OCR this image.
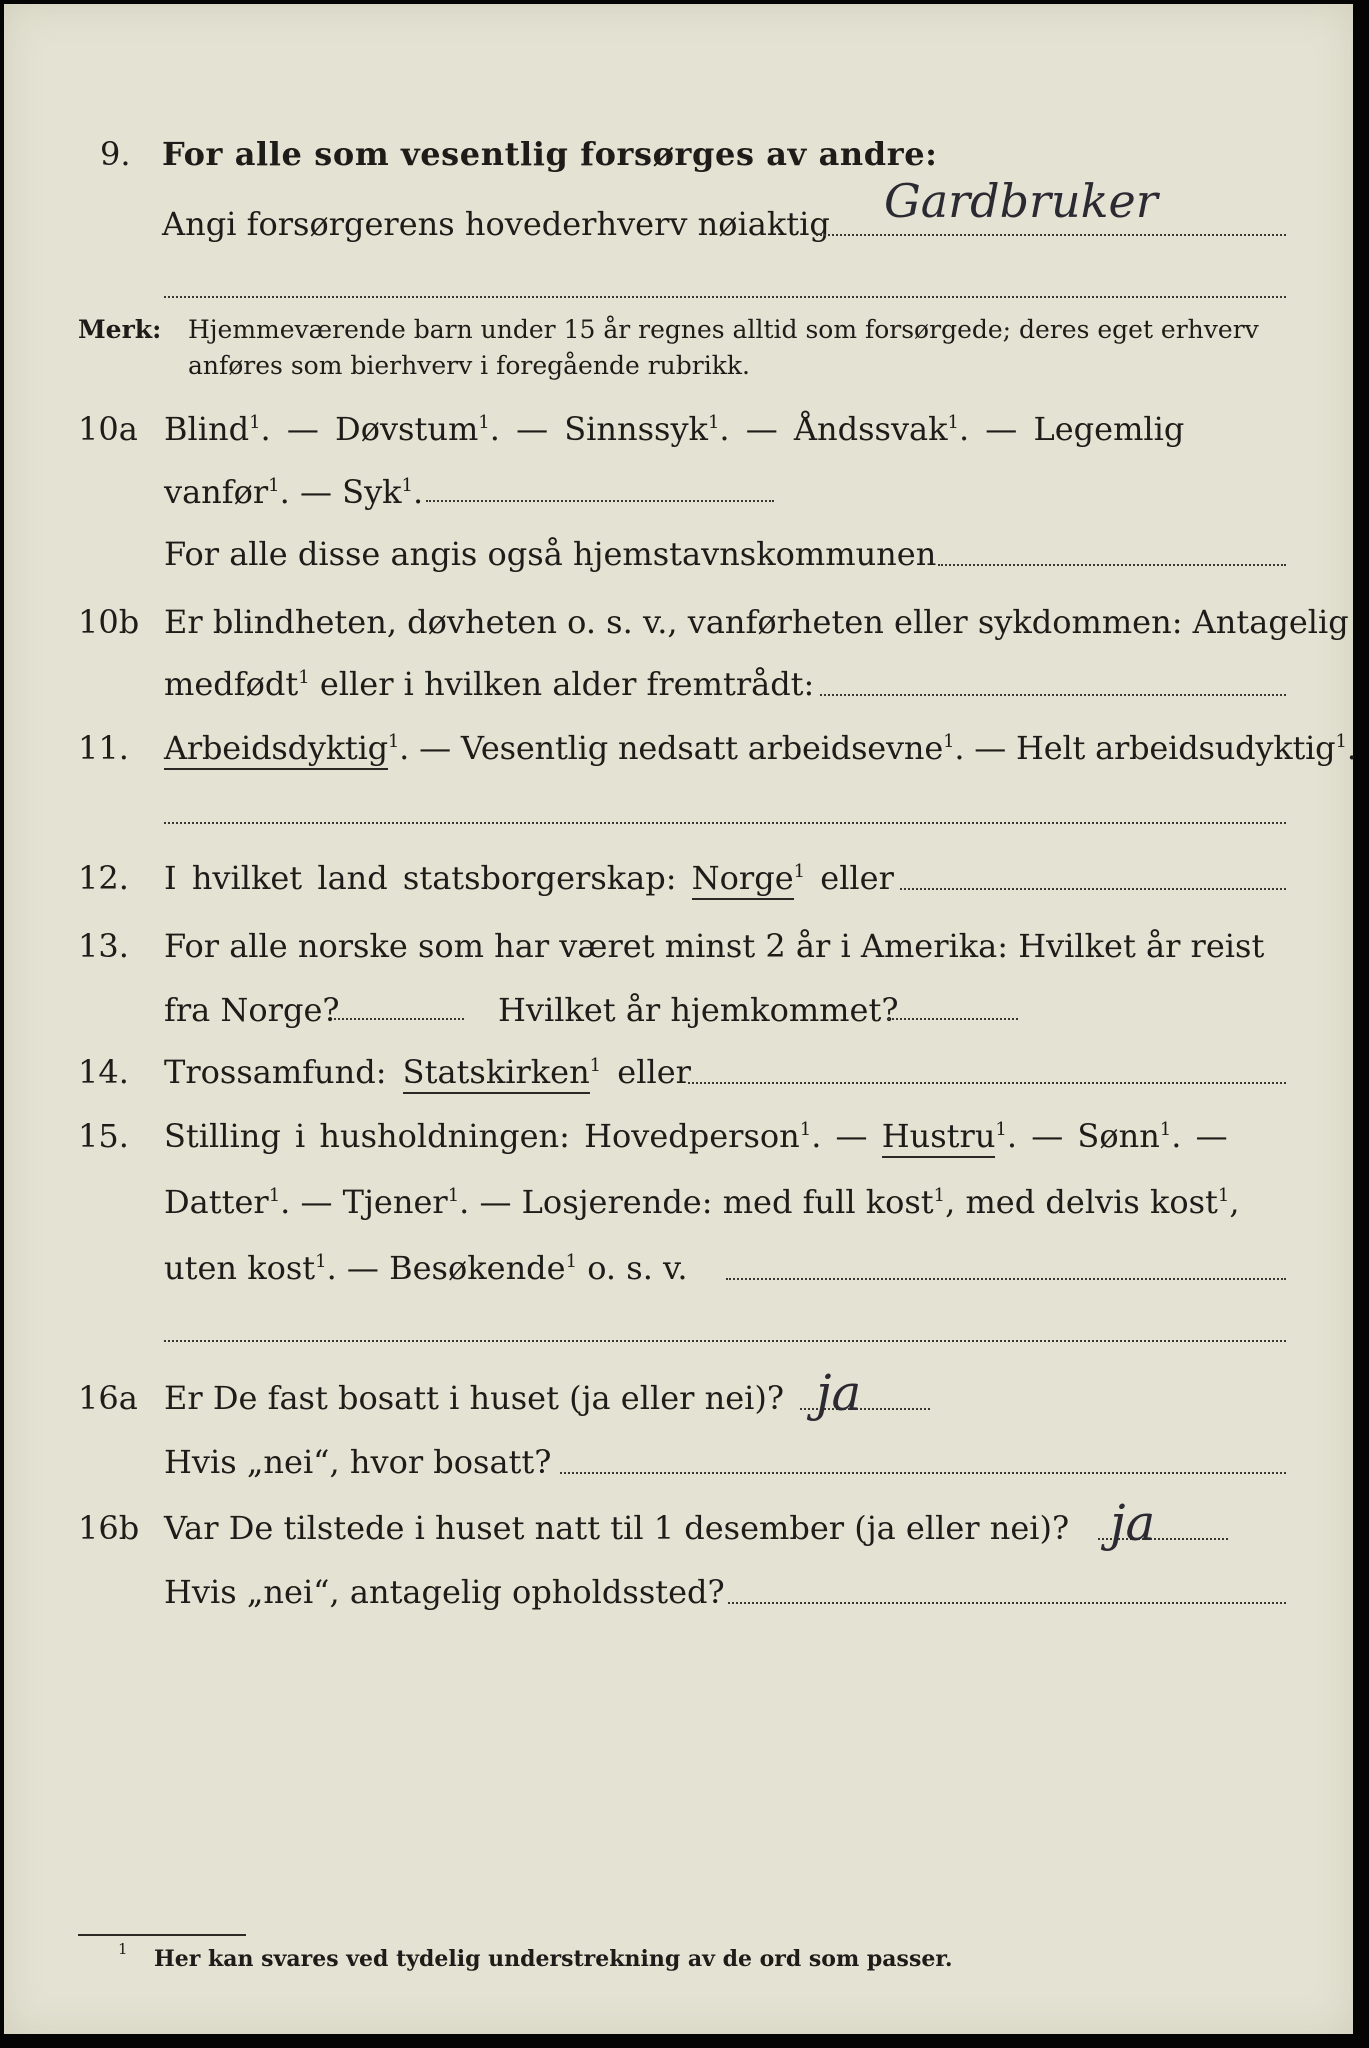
9. For alle som vesentlig forsørges av andre:
Angi forsørgerens hovederhverv nøiaktig Gardbruker
Merk: Hjemmeværende barn under 15 år regnes alltid som forsørgede; deres eget erhverv
anføres som bierhverv i foregående rubrikk.
10a Blind$^1$. — Døvstum$^1$. — Sinnssyk$^1$. — Åndssvak$^1$. — Legemlig
vanfør$^1$. — Syk$^1$.
For alle disse angis også hjemstavnskommunen
10b Er blindheten, døvheten o. s. v., vanførheten eller sykdommen: Antagelig
medfødt$^1$ eller i hvilken alder fremtrådt:
11. Arbeidsdyktig$^1$. — Vesentlig nedsatt arbeidsevne$^1$. — Helt arbeidsudyktig$^1$.
12. I hvilket land statsborgerskap: Norge$^1$ eller
13. For alle norske som har været minst 2 år i Amerika: Hvilket år reist
fra Norge?	Hvilket år hjemkommet?
14. Trossamfund: Statskirken$^1$ eller
15. Stilling i husholdningen: Hovedperson$^1$. — Hustru$^1$. — Sønn$^1$. —
Datter$^1$. — Tjener$^1$. — Losjerende: med full kost$^1$, med delvis kost$^1$,
uten kost$^1$. — Besøkende$^1$ o. s. v.
16a Er De fast bosatt i huset (ja eller nei)? ja
Hvis „nei“, hvor bosatt?
16b Var De tilstede i huset natt til 1 desember (ja eller nei)? ja
Hvis „nei“, antagelig opholdssted?
1 Her kan svares ved tydelig understrekning av de ord som passer.
